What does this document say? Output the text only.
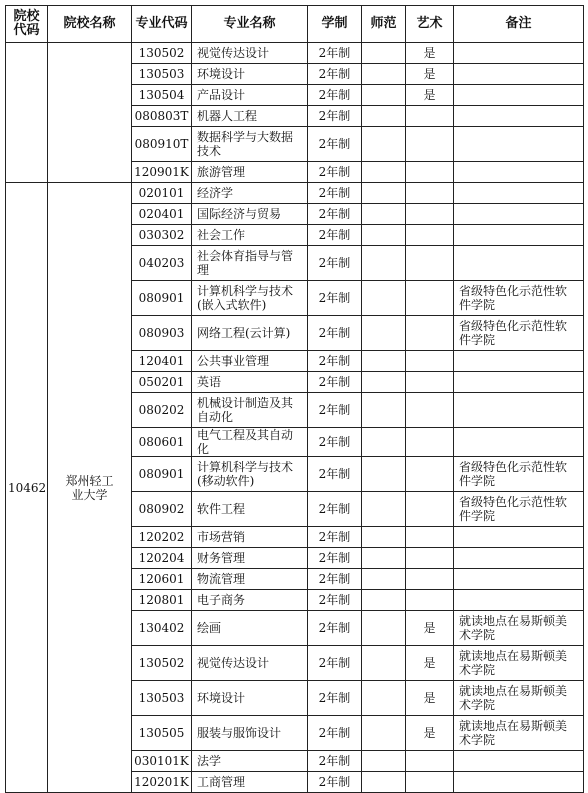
院校代码	院校名称	专业代码	专业名称	学制	师范	艺术	备注
		130502	视觉传达设计	2年制		是	
		130503	环境设计	2年制		是	
		130504	产品设计	2年制		是	
		080803T	机器人工程	2年制			
		080910T	数据科学与大数据技术	2年制			
		120901K	旅游管理	2年制			
10462	郑州轻工业大学	020101	经济学	2年制			
		020401	国际经济与贸易	2年制			
		030302	社会工作	2年制			
		040203	社会体育指导与管理	2年制			
		080901	计算机科学与技术(嵌入式软件)	2年制			省级特色化示范性软件学院
		080903	网络工程(云计算)	2年制			省级特色化示范性软件学院
		120401	公共事业管理	2年制			
		050201	英语	2年制			
		080202	机械设计制造及其自动化	2年制			
		080601	电气工程及其自动化	2年制			
		080901	计算机科学与技术(移动软件)	2年制			省级特色化示范性软件学院
		080902	软件工程	2年制			省级特色化示范性软件学院
		120202	市场营销	2年制			
		120204	财务管理	2年制			
		120601	物流管理	2年制			
		120801	电子商务	2年制			
		130402	绘画	2年制		是	就读地点在易斯顿美术学院
		130502	视觉传达设计	2年制		是	就读地点在易斯顿美术学院
		130503	环境设计	2年制		是	就读地点在易斯顿美术学院
		130505	服装与服饰设计	2年制		是	就读地点在易斯顿美术学院
		030101K	法学	2年制			
		120201K	工商管理	2年制			
